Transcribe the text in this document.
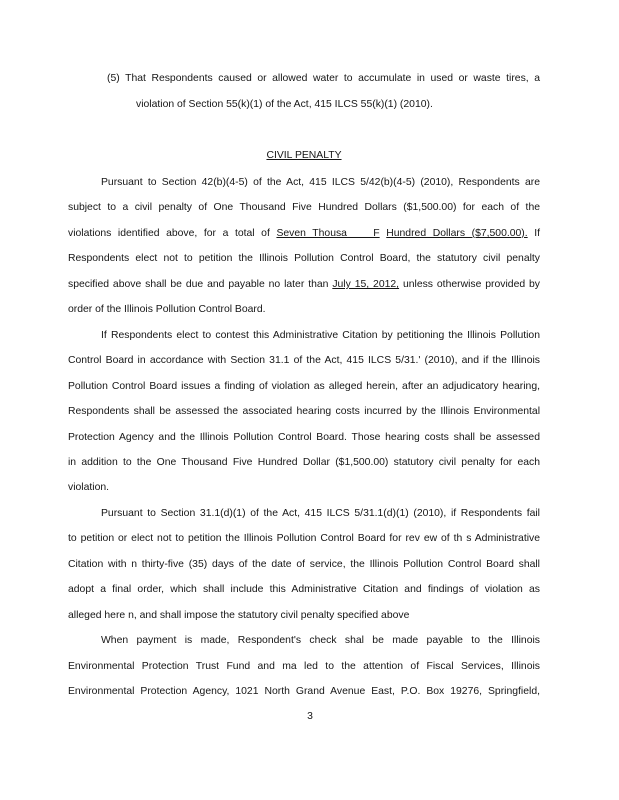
(5) That Respondents caused or allowed water to accumulate in used or waste tires, a
violation of Section 55(k)(1) of the Act, 415 ILCS 55(k)(1) (2010).
CIVIL PENALTY
Pursuant to Section 42(b)(4-5) of the Act, 415 ILCS 5/42(b)(4-5) (2010), Respondents are
subject to a civil penalty of One Thousand Five Hundred Dollars ($1,500.00) for each of the
violations identified above, for a total of Seven Thousa    F Hundred Dollars ($7,500.00). If
Respondents elect not to petition the Illinois Pollution Control Board, the statutory civil penalty
specified above shall be due and payable no later than July 15, 2012, unless otherwise provided by
order of the Illinois Pollution Control Board.
If Respondents elect to contest this Administrative Citation by petitioning the Illinois Pollution
Control Board in accordance with Section 31.1 of the Act, 415 ILCS 5/31.' (2010), and if the Illinois
Pollution Control Board issues a finding of violation as alleged herein, after an adjudicatory hearing,
Respondents shall be assessed the associated hearing costs incurred by the Illinois Environmental
Protection Agency and the Illinois Pollution Control Board. Those hearing costs shall be assessed
in addition to the One Thousand Five Hundred Dollar ($1,500.00) statutory civil penalty for each
violation.
Pursuant to Section 31.1(d)(1) of the Act, 415 ILCS 5/31.1(d)(1) (2010), if Respondents fail
to petition or elect not to petition the Illinois Pollution Control Board for rev ew of th s Administrative
Citation with n thirty-five (35) days of the date of service, the Illinois Pollution Control Board shall
adopt a final order, which shall include this Administrative Citation and findings of violation as
alleged here n, and shall impose the statutory civil penalty specified above
When payment is made, Respondent's check shal be made payable to the Illinois
Environmental Protection Trust Fund and ma led to the attention of Fiscal Services, Illinois
Environmental Protection Agency, 1021 North Grand Avenue East, P.O. Box 19276, Springfield,
3
